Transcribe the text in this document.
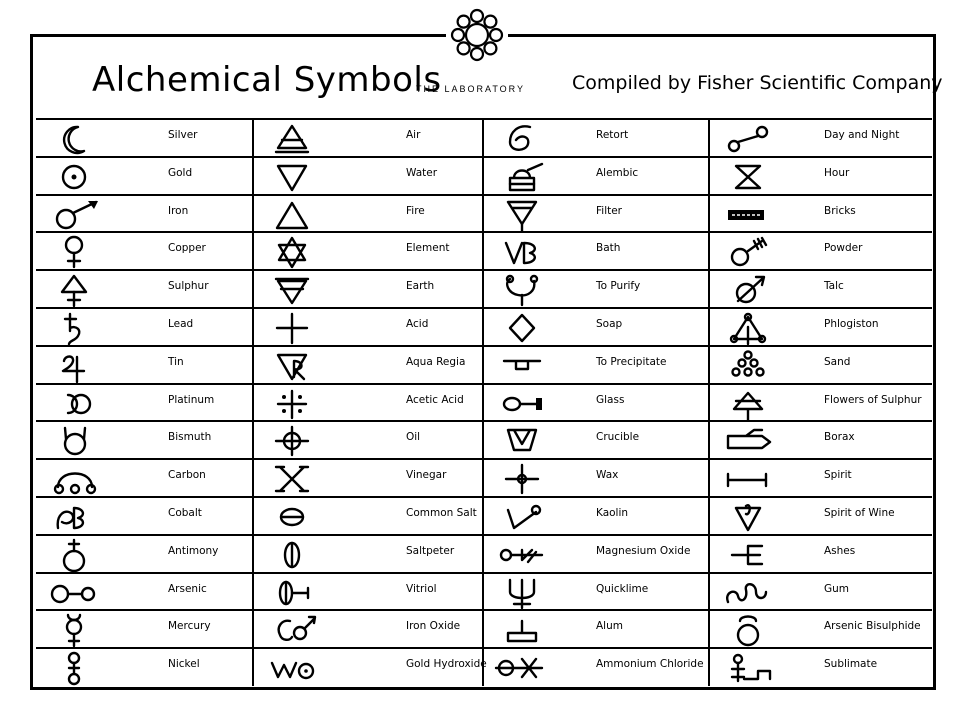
Alchemical Symbols
THE LABORATORY Compiled by Fisher Scientific Company
Silver
Gold
Iron
Copper
Sulphur
Lead
Tin
Platinum
Bismuth
Carbon
Cobalt
Antimony
Arsenic
Mercury
Nickel
Air
Water
Fire
Element
Earth
Acid
Aqua Regia
Acetic Acid
Oil
Vinegar
Common Salt
Saltpeter
Vitriol
Iron Oxide
Gold Hydroxide
Retort
Alembic
Filter
Bath
To Purify
Soap
To Precipitate
Glass
Crucible
Wax
Kaolin
Magnesium Oxide
Quicklime
Alum
Ammonium Chloride
Day and Night
Hour
Bricks
Powder
Talc
Phlogiston
Sand
Flowers of Sulphur
Borax
Spirit
Spirit of Wine
Ashes
Gum
Arsenic Bisulphide
Sublimate
